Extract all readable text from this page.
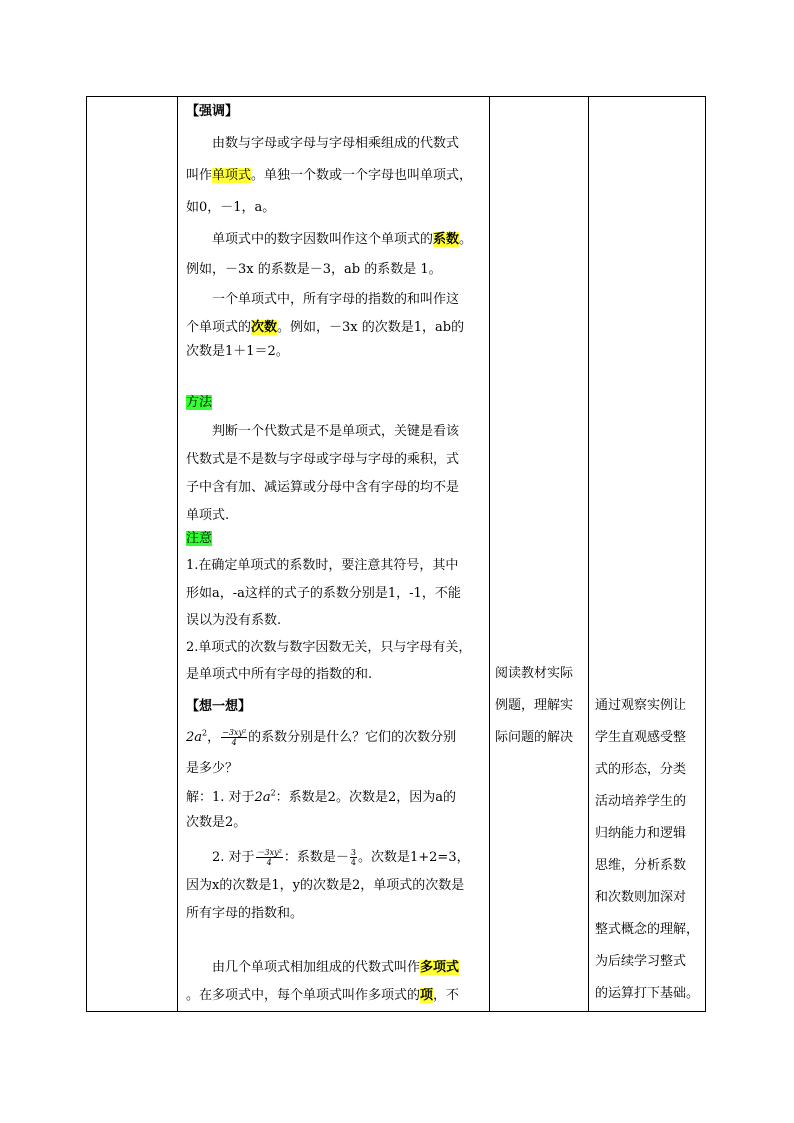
【强调】
由数与字母或字母与字母相乘组成的代数式
叫作单项式。单独一个数或一个字母也叫单项式，
如0，－1，a。
单项式中的数字因数叫作这个单项式的系数。
例如，－3x 的系数是－3，ab 的系数是 1。
一个单项式中，所有字母的指数的和叫作这
个单项式的次数。例如，－3x 的次数是1，ab的
次数是1＋1＝2。
方法
判断一个代数式是不是单项式，关键是看该
代数式是不是数与字母或字母与字母的乘积，式
子中含有加、减运算或分母中含有字母的均不是
单项式.
注意
1.在确定单项式的系数时，要注意其符号，其中
形如a，-a这样的式子的系数分别是1，-1，不能
误以为没有系数.
2.单项式的次数与数字因数无关，只与字母有关，
是单项式中所有字母的指数的和.
【想一想】
$2a^2$， $\frac{\text{−3xy²}}{4}$ 的系数分别是什么？它们的次数分别
是多少？
解：1. 对于$2a^2$：系数是2。次数是2，因为a的
次数是2。
2. 对于 $\frac{\text{－3xy²}}{4}$ ：系数是－ $\frac{3}{4}$ 。次数是1+2=3，
因为x的次数是1，y的次数是2，单项式的次数是
所有字母的指数和。
由几个单项式相加组成的代数式叫作多项式
。在多项式中，每个单项式叫作多项式的项，不
阅读教材实际
例题，理解实
际问题的解决
通过观察实例让
学生直观感受整
式的形态，分类
活动培养学生的
归纳能力和逻辑
思维，分析系数
和次数则加深对
整式概念的理解，
为后续学习整式
的运算打下基础。
